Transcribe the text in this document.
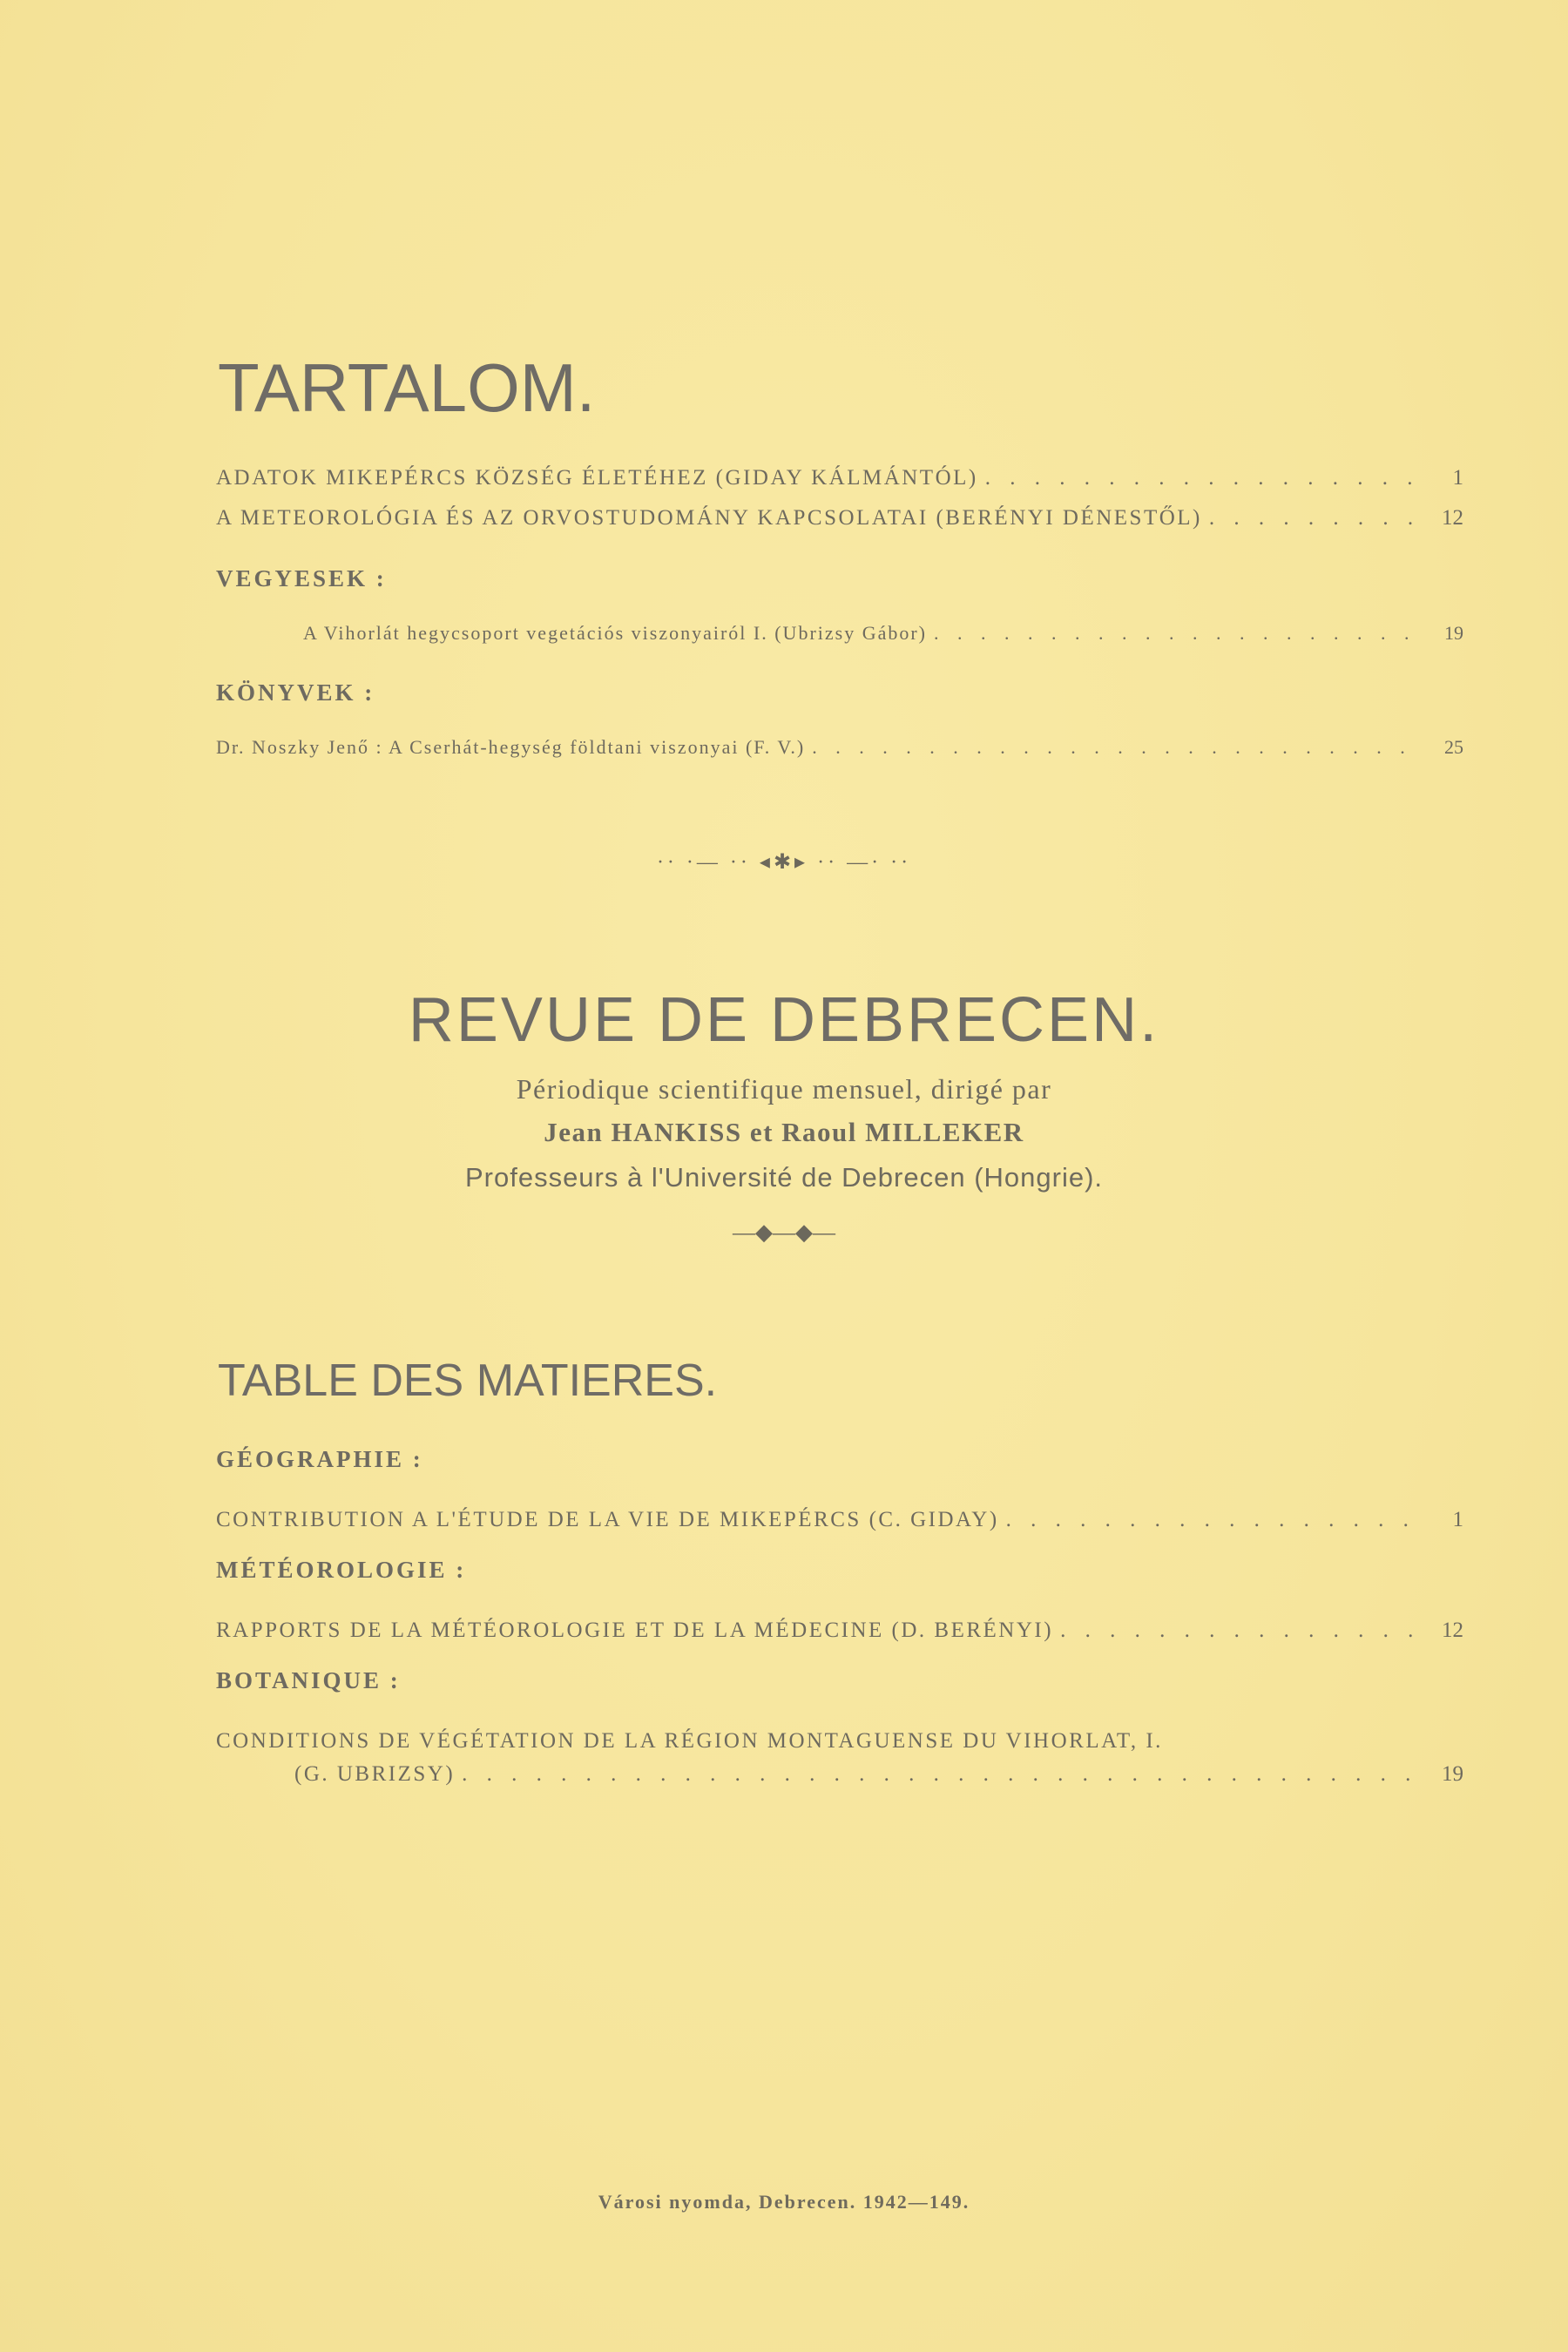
TARTALOM.
ADATOK MIKEPÉRCS KÖZSÉG ÉLETÉHEZ (GIDAY KÁLMÁNTÓL) . . .	1
A METEOROLÓGIA ÉS AZ ORVOSTUDOMÁNY KAPCSOLATAI (BERÉNYI DÉNESTŐL) . . .	12
VEGYESEK :
A Vihorlát hegycsoport vegetációs viszonyairól I. (Ubrizsy Gábor) . . .	19
KÖNYVEK :
Dr. Noszky Jenő : A Cserhát-hegység földtani viszonyai (F. V.) . . .	25
·· ·— ·· ◂✱▸ ·· —· ··
REVUE DE DEBRECEN.
Périodique scientifique mensuel, dirigé par
Jean HANKISS et Raoul MILLEKER
Professeurs à l'Université de Debrecen (Hongrie).
—◆—◆—
TABLE DES MATIERES.
GÉOGRAPHIE :
CONTRIBUTION A L'ÉTUDE DE LA VIE DE MIKEPÉRCS (C. GIDAY) . . .	1
MÉTÉOROLOGIE :
RAPPORTS DE LA MÉTÉOROLOGIE ET DE LA MÉDECINE (D. BERÉNYI) . . .	12
BOTANIQUE :
CONDITIONS DE VÉGÉTATION DE LA RÉGION MONTAGUENSE DU VIHORLAT, I.
(G. UBRIZSY) . . .	19
Városi nyomda, Debrecen. 1942—149.
